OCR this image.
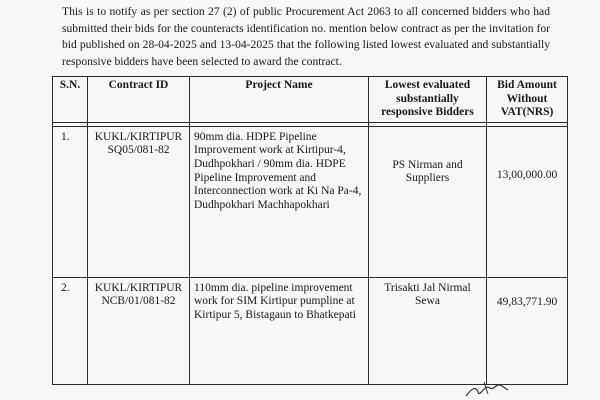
This is to notify as per section 27 (2) of public Procurement Act 2063 to all concerned bidders who had submitted their bids for the counteracts identification no. mention below contract as per the invitation for bid published on 28-04-2025 and 13-04-2025 that the following listed lowest evaluated and substantially responsive bidders have been selected to award the contract.

S.N.	Contract ID	Project Name	Lowest evaluated substantially responsive Bidders	Bid Amount Without VAT(NRS)

1.	KUKL/KIRTIPUR
SQ05/081-82	90mm dia. HDPE Pipeline Improvement work at Kirtipur-4, Dudhpokhari / 90mm dia. HDPE Pipeline Improvement and Interconnection work at Ki Na Pa-4, Dudhpokhari Machhapokhari	PS Nirman and Suppliers	13,00,000.00
2.	KUKL/KIRTIPUR
NCB/01/081-82	110mm dia. pipeline improvement work for SIM Kirtipur pumpline at Kirtipur 5, Bistagaun to Bhatkepati	Trisakti Jal Nirmal Sewa	49,83,771.90
